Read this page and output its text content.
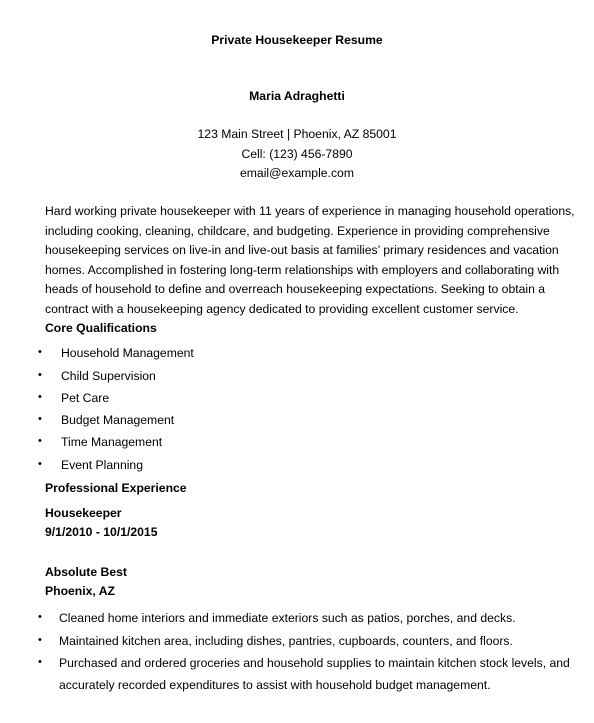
Private Housekeeper Resume
Maria Adraghetti
123 Main Street | Phoenix, AZ 85001
Cell: (123) 456-7890
email@example.com
Hard working private housekeeper with 11 years of experience in managing household operations,
including cooking, cleaning, childcare, and budgeting. Experience in providing comprehensive
housekeeping services on live-in and live-out basis at families’ primary residences and vacation
homes. Accomplished in fostering long-term relationships with employers and collaborating with
heads of household to define and overreach housekeeping expectations. Seeking to obtain a
contract with a housekeeping agency dedicated to providing excellent customer service.
Core Qualifications
• Household Management
• Child Supervision
• Pet Care
• Budget Management
• Time Management
• Event Planning
Professional Experience
Housekeeper
9/1/2010 - 10/1/2015
Absolute Best
Phoenix, AZ
• Cleaned home interiors and immediate exteriors such as patios, porches, and decks.
• Maintained kitchen area, including dishes, pantries, cupboards, counters, and floors.
• Purchased and ordered groceries and household supplies to maintain kitchen stock levels, and
accurately recorded expenditures to assist with household budget management.
